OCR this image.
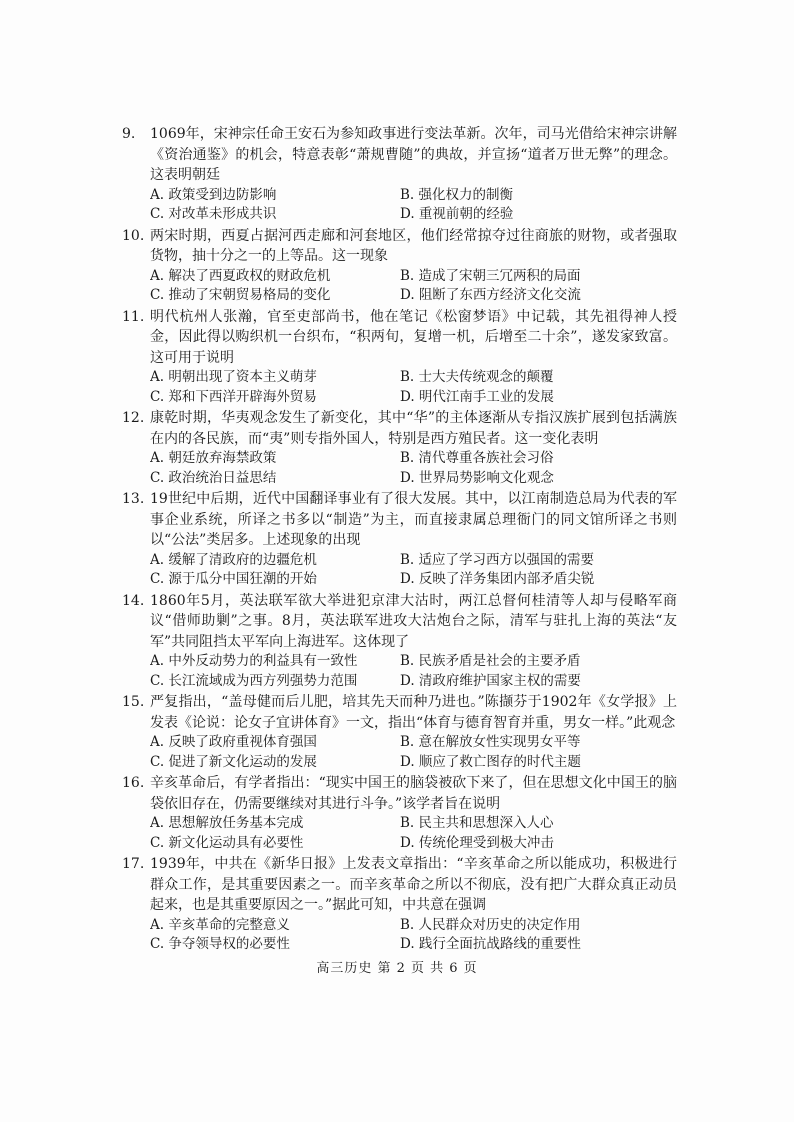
9.	1069年，宋神宗任命王安石为参知政事进行变法革新。次年，司马光借给宋神宗讲解《资治通鉴》的机会，特意表彰“萧规曹随”的典故，并宣扬“道者万世无弊”的理念。这表明朝廷
A. 政策受到边防影响	B. 强化权力的制衡
C. 对改革未形成共识	D. 重视前朝的经验
10. 两宋时期，西夏占据河西走廊和河套地区，他们经常掠夺过往商旅的财物，或者强取货物，抽十分之一的上等品。这一现象
A. 解决了西夏政权的财政危机	B. 造成了宋朝三冗两积的局面
C. 推动了宋朝贸易格局的变化	D. 阻断了东西方经济文化交流
11. 明代杭州人张瀚，官至吏部尚书，他在笔记《松窗梦语》中记载，其先祖得神人授金，因此得以购织机一台织布，“积两旬，复增一机，后增至二十余”，遂发家致富。这可用于说明
A. 明朝出现了资本主义萌芽	B. 士大夫传统观念的颠覆
C. 郑和下西洋开辟海外贸易	D. 明代江南手工业的发展
12. 康乾时期，华夷观念发生了新变化，其中“华”的主体逐渐从专指汉族扩展到包括满族在内的各民族，而“夷”则专指外国人，特别是西方殖民者。这一变化表明
A. 朝廷放弃海禁政策	B. 清代尊重各族社会习俗
C. 政治统治日益思结	D. 世界局势影响文化观念
13. 19世纪中后期，近代中国翻译事业有了很大发展。其中，以江南制造总局为代表的军事企业系统，所译之书多以“制造”为主，而直接隶属总理衙门的同文馆所译之书则以“公法”类居多。上述现象的出现
A. 缓解了清政府的边疆危机	B. 适应了学习西方以强国的需要
C. 源于瓜分中国狂潮的开始	D. 反映了洋务集团内部矛盾尖锐
14. 1860年5月，英法联军欲大举进犯京津大沽时，两江总督何桂清等人却与侵略军商议“借师助剿”之事。8月，英法联军进攻大沽炮台之际，清军与驻扎上海的英法“友军”共同阻挡太平军向上海进军。这体现了
A. 中外反动势力的利益具有一致性	B. 民族矛盾是社会的主要矛盾
C. 长江流域成为西方列强势力范围	D. 清政府维护国家主权的需要
15. 严复指出，“盖母健而后儿肥，培其先天而种乃进也。”陈撷芬于1902年《女学报》上发表《论说：论女子宜讲体育》一文，指出“体育与德育智育并重，男女一样。”此观念
A. 反映了政府重视体育强国	B. 意在解放女性实现男女平等
C. 促进了新文化运动的发展	D. 顺应了救亡图存的时代主题
16. 辛亥革命后，有学者指出：“现实中国王的脑袋被砍下来了，但在思想文化中国王的脑袋依旧存在，仍需要继续对其进行斗争。”该学者旨在说明
A. 思想解放任务基本完成	B. 民主共和思想深入人心
C. 新文化运动具有必要性	D. 传统伦理受到极大冲击
17. 1939年，中共在《新华日报》上发表文章指出：“辛亥革命之所以能成功，积极进行群众工作，是其重要因素之一。而辛亥革命之所以不彻底，没有把广大群众真正动员起来，也是其重要原因之一。”据此可知，中共意在强调
A. 辛亥革命的完整意义	B. 人民群众对历史的决定作用
C. 争夺领导权的必要性	D. 践行全面抗战路线的重要性
高三历史 第 2 页 共 6 页
